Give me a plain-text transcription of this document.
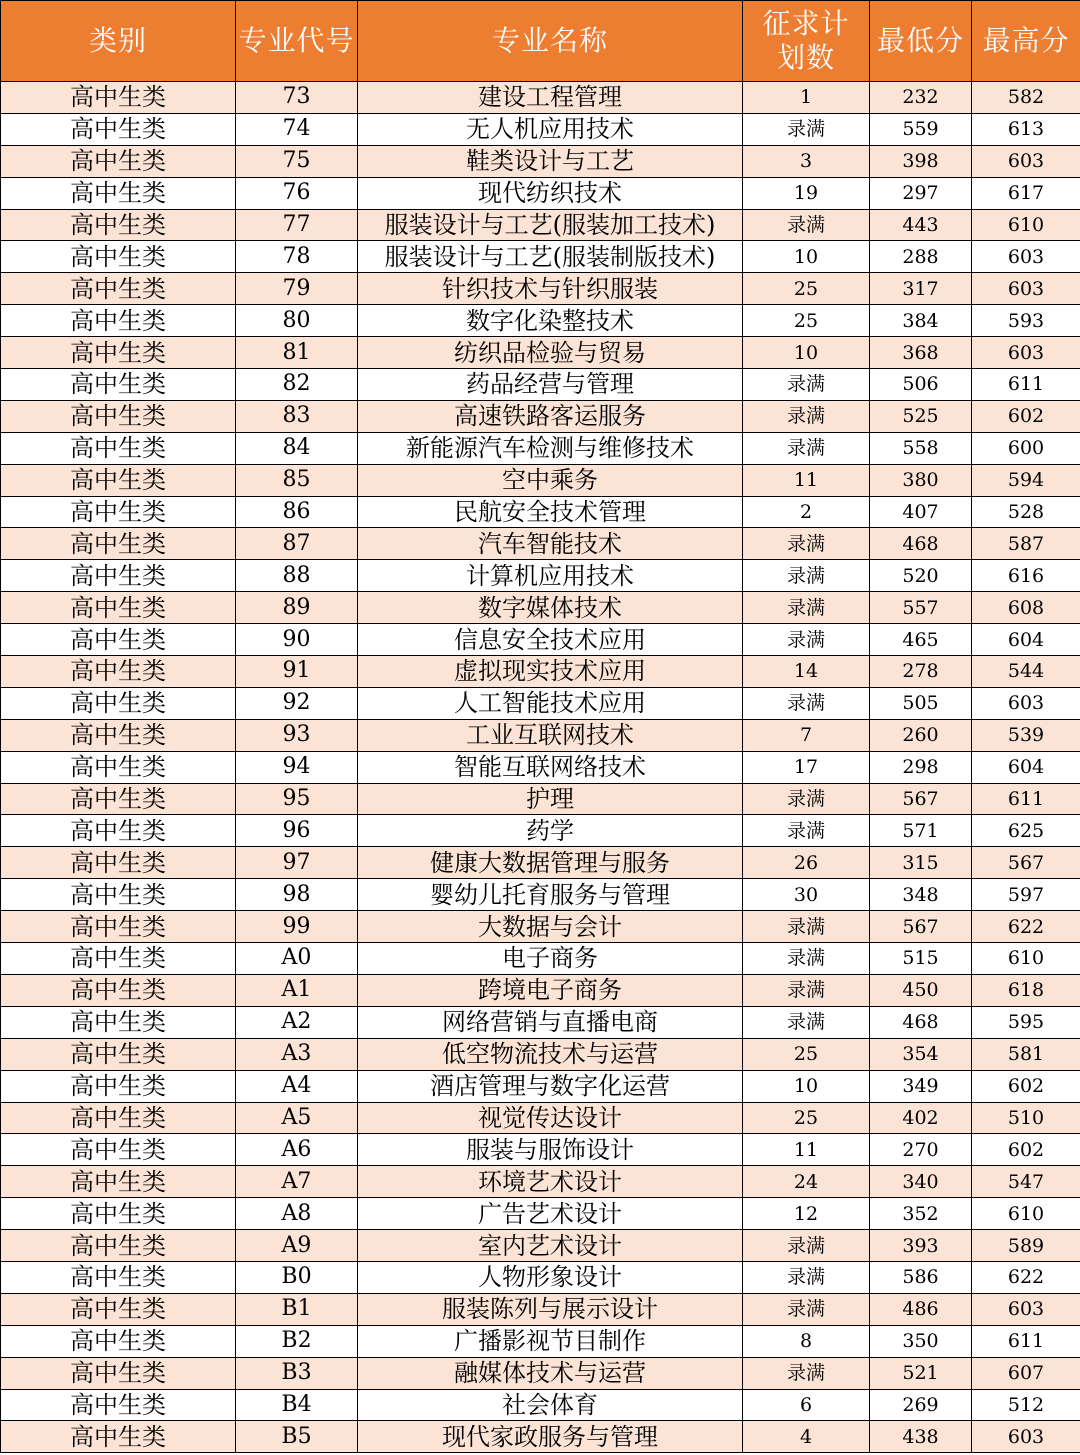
类别	专业代号	专业名称	征求计划数	最低分	最高分
高中生类	73	建设工程管理	1	232	582
高中生类	74	无人机应用技术	录满	559	613
高中生类	75	鞋类设计与工艺	3	398	603
高中生类	76	现代纺织技术	19	297	617
高中生类	77	服装设计与工艺(服装加工技术)	录满	443	610
高中生类	78	服装设计与工艺(服装制版技术)	10	288	603
高中生类	79	针织技术与针织服装	25	317	603
高中生类	80	数字化染整技术	25	384	593
高中生类	81	纺织品检验与贸易	10	368	603
高中生类	82	药品经营与管理	录满	506	611
高中生类	83	高速铁路客运服务	录满	525	602
高中生类	84	新能源汽车检测与维修技术	录满	558	600
高中生类	85	空中乘务	11	380	594
高中生类	86	民航安全技术管理	2	407	528
高中生类	87	汽车智能技术	录满	468	587
高中生类	88	计算机应用技术	录满	520	616
高中生类	89	数字媒体技术	录满	557	608
高中生类	90	信息安全技术应用	录满	465	604
高中生类	91	虚拟现实技术应用	14	278	544
高中生类	92	人工智能技术应用	录满	505	603
高中生类	93	工业互联网技术	7	260	539
高中生类	94	智能互联网络技术	17	298	604
高中生类	95	护理	录满	567	611
高中生类	96	药学	录满	571	625
高中生类	97	健康大数据管理与服务	26	315	567
高中生类	98	婴幼儿托育服务与管理	30	348	597
高中生类	99	大数据与会计	录满	567	622
高中生类	A0	电子商务	录满	515	610
高中生类	A1	跨境电子商务	录满	450	618
高中生类	A2	网络营销与直播电商	录满	468	595
高中生类	A3	低空物流技术与运营	25	354	581
高中生类	A4	酒店管理与数字化运营	10	349	602
高中生类	A5	视觉传达设计	25	402	510
高中生类	A6	服装与服饰设计	11	270	602
高中生类	A7	环境艺术设计	24	340	547
高中生类	A8	广告艺术设计	12	352	610
高中生类	A9	室内艺术设计	录满	393	589
高中生类	B0	人物形象设计	录满	586	622
高中生类	B1	服装陈列与展示设计	录满	486	603
高中生类	B2	广播影视节目制作	8	350	611
高中生类	B3	融媒体技术与运营	录满	521	607
高中生类	B4	社会体育	6	269	512
高中生类	B5	现代家政服务与管理	4	438	603
